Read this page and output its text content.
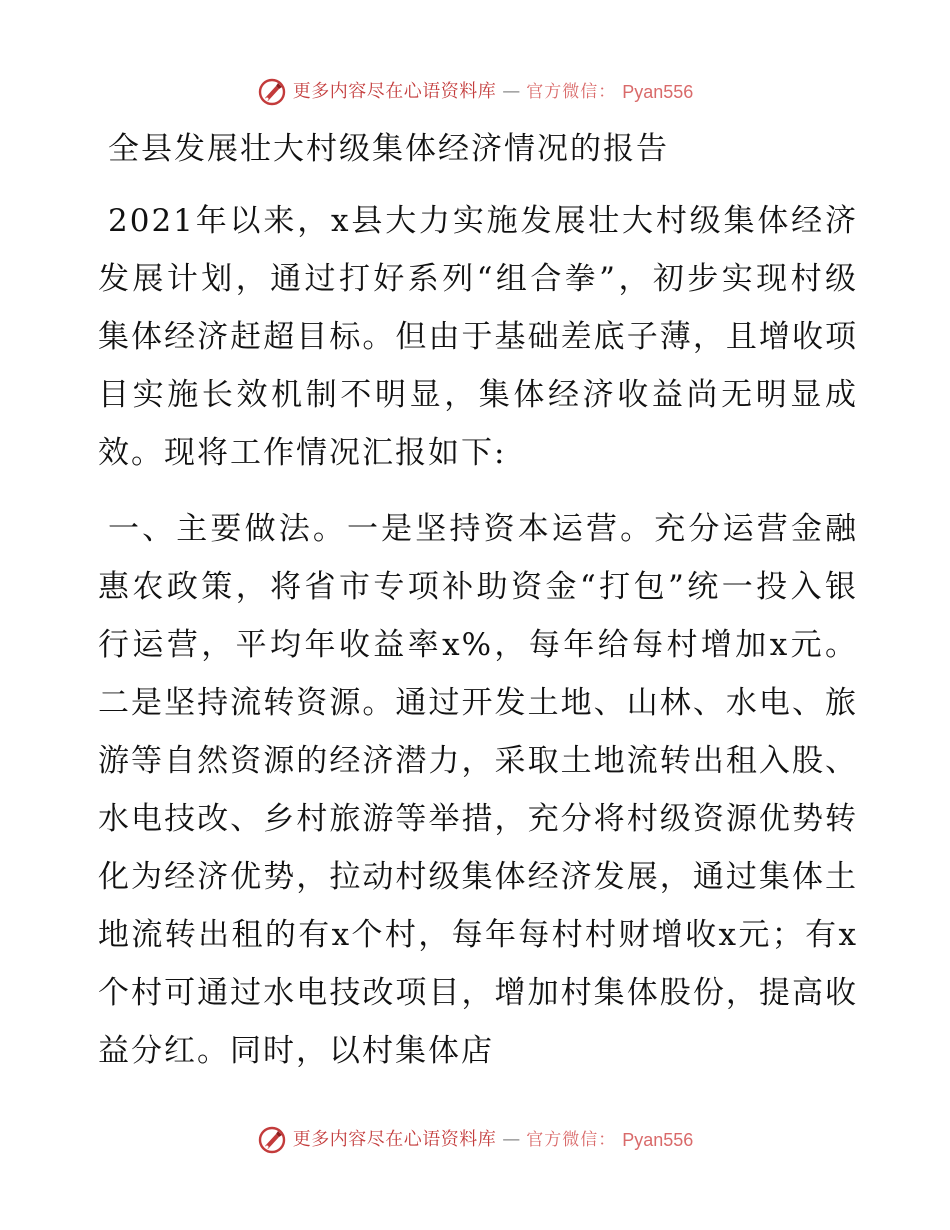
更多内容尽在心语资料库 — 官方微信： Pyan556
全县发展壮大村级集体经济情况的报告

2021年以来，x县大力实施发展壮大村级集体经济发展计划，通过打好系列“组合拳”，初步实现村级集体经济赶超目标。但由于基础差底子薄，且增收项目实施长效机制不明显，集体经济收益尚无明显成效。现将工作情况汇报如下:

一、主要做法。一是坚持资本运营。充分运营金融惠农政策，将省市专项补助资金“打包”统一投入银行运营，平均年收益率x%，每年给每村增加x元。二是坚持流转资源。通过开发土地、山林、水电、旅游等自然资源的经济潜力，采取土地流转出租入股、水电技改、乡村旅游等举措，充分将村级资源优势转化为经济优势，拉动村级集体经济发展，通过集体土地流转出租的有x个村，每年每村村财增收x元；有x个村可通过水电技改项目，增加村集体股份，提高收益分红。同时，以村集体店

更多内容尽在心语资料库 — 官方微信： Pyan556
